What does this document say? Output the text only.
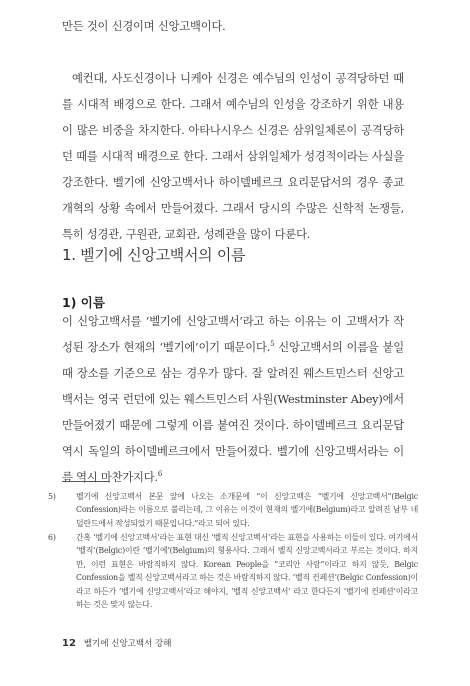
만든 것이 신경이며 신앙고백이다.

예컨대, 사도신경이나 니케아 신경은 예수님의 인성이 공격당하던 때를 시대적 배경으로 한다. 그래서 예수님의 인성을 강조하기 위한 내용이 많은 비중을 차지한다. 아타나시우스 신경은 삼위일체론이 공격당하던 때를 시대적 배경으로 한다. 그래서 삼위일체가 성경적이라는 사실을 강조한다. 벨기에 신앙고백서나 하이델베르크 요리문답서의 경우 종교개혁의 상황 속에서 만들어졌다. 그래서 당시의 수많은 신학적 논쟁들, 특히 성경관, 구원관, 교회관, 성례관을 많이 다룬다.

1. 벨기에 신앙고백서의 이름
1) 이름

이 신앙고백서를 ‘벨기에 신앙고백서’라고 하는 이유는 이 고백서가 작성된 장소가 현재의 ‘벨기에’이기 때문이다.$^5$ 신앙고백서의 이름을 붙일 때 장소를 기준으로 삼는 경우가 많다. 잘 알려진 웨스트민스터 신앙고백서는 영국 런던에 있는 웨스트민스터 사원(Westminster Abey)에서 만들어졌기 때문에 그렇게 이름 붙여진 것이다. 하이델베르크 요리문답 역시 독일의 하이델베르크에서 만들어졌다. 벨기에 신앙고백서라는 이름 역시 마찬가지다.$^6$

5)	벨기에 신앙고백서 본문 앞에 나오는 소개문에 “이 신앙고백은 “벨기에 신앙고백서”(Belgic Confession)라는 이름으로 불리는데, 그 이유는 이것이 현재의 벨기에(Belgium)라고 알려진 남부 네덜란드에서 작성되었기 때문입니다.”라고 되어 있다.

6)	간혹 ‘벨기에 신앙고백서’라는 표현 대신 ‘벨직 신앙고백서’라는 표현을 사용하는 이들이 있다. 여기에서 ‘벨직’(Belgic)이란 ‘벨기에’(Belgium)의 형용사다. 그래서 벨직 신앙고백서라고 부르는 것이다. 하지만, 이런 표현은 바람직하지 않다. Korean People을 “코리안 사람”이라고 하지 않듯, Belgic Confession을 벨직 신앙고백서라고 하는 것은 바람직하지 않다. ‘벨직 컨페션’(Belgic Confession)이라고 하든가 ‘벨기에 신앙고백서’라고 해야지, ‘벨직 신앙고백서’ 라고 한다든지 ‘벨기에 컨페션’이라고 하는 것은 맞지 않는다.

12 벨기에 신앙고백서 강해
